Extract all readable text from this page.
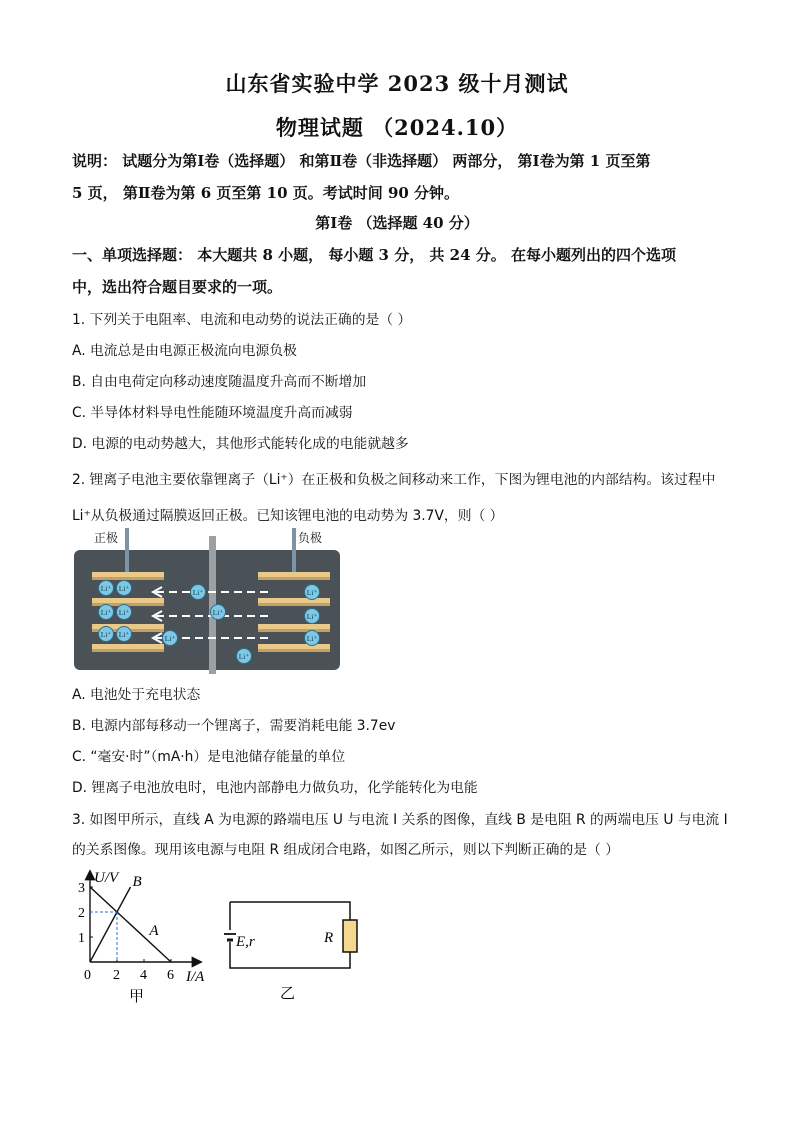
山东省实验中学 2023 级十月测试
物理试题 （2024.10）
说明： 试题分为第Ⅰ卷（选择题） 和第Ⅱ卷（非选择题） 两部分， 第Ⅰ卷为第 1 页至第
5 页， 第Ⅱ卷为第 6 页至第 10 页。考试时间 90 分钟。
第Ⅰ卷 （选择题 40 分）
一、单项选择题： 本大题共 8 小题， 每小题 3 分， 共 24 分。 在每小题列出的四个选项
中，选出符合题目要求的一项。
1. 下列关于电阻率、电流和电动势的说法正确的是（ ）
A. 电流总是由电源正极流向电源负极
B. 自由电荷定向移动速度随温度升高而不断增加
C. 半导体材料导电性能随环境温度升高而减弱
D. 电源的电动势越大，其他形式能转化成的电能就越多
2. 锂离子电池主要依靠锂离子（Li⁺）在正极和负极之间移动来工作，下图为锂电池的内部结构。该过程中
Li⁺从负极通过隔膜返回正极。已知该锂电池的电动势为 3.7V，则（ ）
正极	负极
Li⁺ Li⁺
Li⁺ Li⁺
Li⁺ Li⁺
Li⁺
Li⁺
Li⁺
Li⁺
Li⁺
Li⁺
Li⁺
A. 电池处于充电状态
B. 电源内部每移动一个锂离子，需要消耗电能 3.7ev
C. “毫安·时”（mA·h）是电池储存能量的单位
D. 锂离子电池放电时，电池内部静电力做负功，化学能转化为电能
3. 如图甲所示，直线 A 为电源的路端电压 U 与电流 I 关系的图像，直线 B 是电阻 R 的两端电压 U 与电流 I
的关系图像。现用该电源与电阻 R 组成闭合电路，如图乙所示，则以下判断正确的是（ ）
U/V
I/A
3
2
1
0 2 4 6
B
A
甲
E,r	R
乙
